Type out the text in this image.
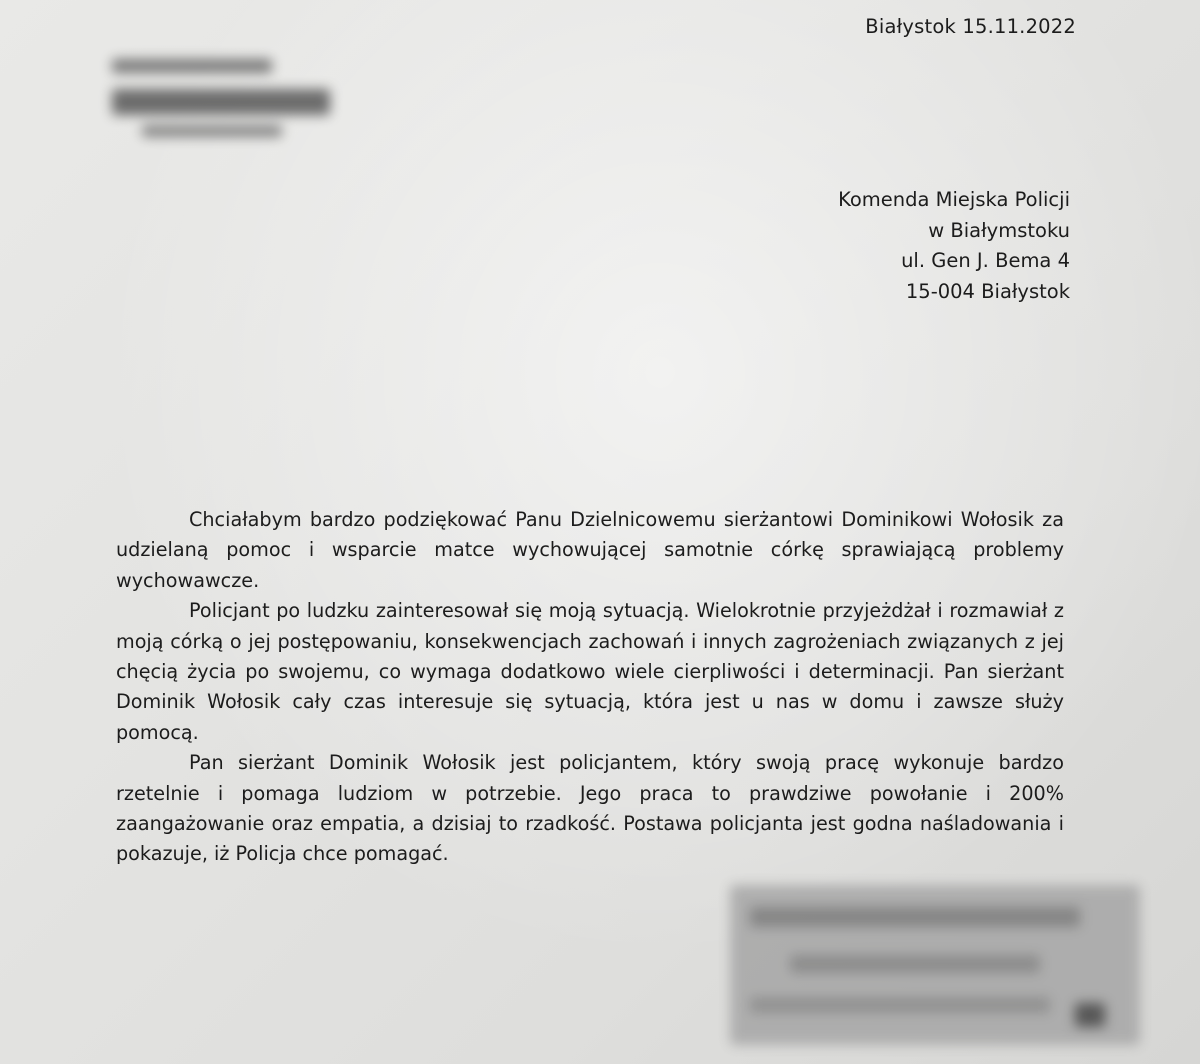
Białystok 15.11.2022
Komenda Miejska Policji
w Białymstoku
ul. Gen J. Bema 4
15-004 Białystok

Chciałabym bardzo podziękować Panu Dzielnicowemu sierżantowi Dominikowi Wołosik za udzielaną pomoc i wsparcie matce wychowującej samotnie córkę sprawiającą problemy wychowawcze.

Policjant po ludzku zainteresował się moją sytuacją. Wielokrotnie przyjeżdżał i rozmawiał z moją córką o jej postępowaniu, konsekwencjach zachowań i innych zagrożeniach związanych z jej chęcią życia po swojemu, co wymaga dodatkowo wiele cierpliwości i determinacji. Pan sierżant Dominik Wołosik cały czas interesuje się sytuacją, która jest u nas w domu i zawsze służy pomocą.

Pan sierżant Dominik Wołosik jest policjantem, który swoją pracę wykonuje bardzo rzetelnie i pomaga ludziom w potrzebie. Jego praca to prawdziwe powołanie i 200% zaangażowanie oraz empatia, a dzisiaj to rzadkość. Postawa policjanta jest godna naśladowania i pokazuje, iż Policja chce pomagać.
